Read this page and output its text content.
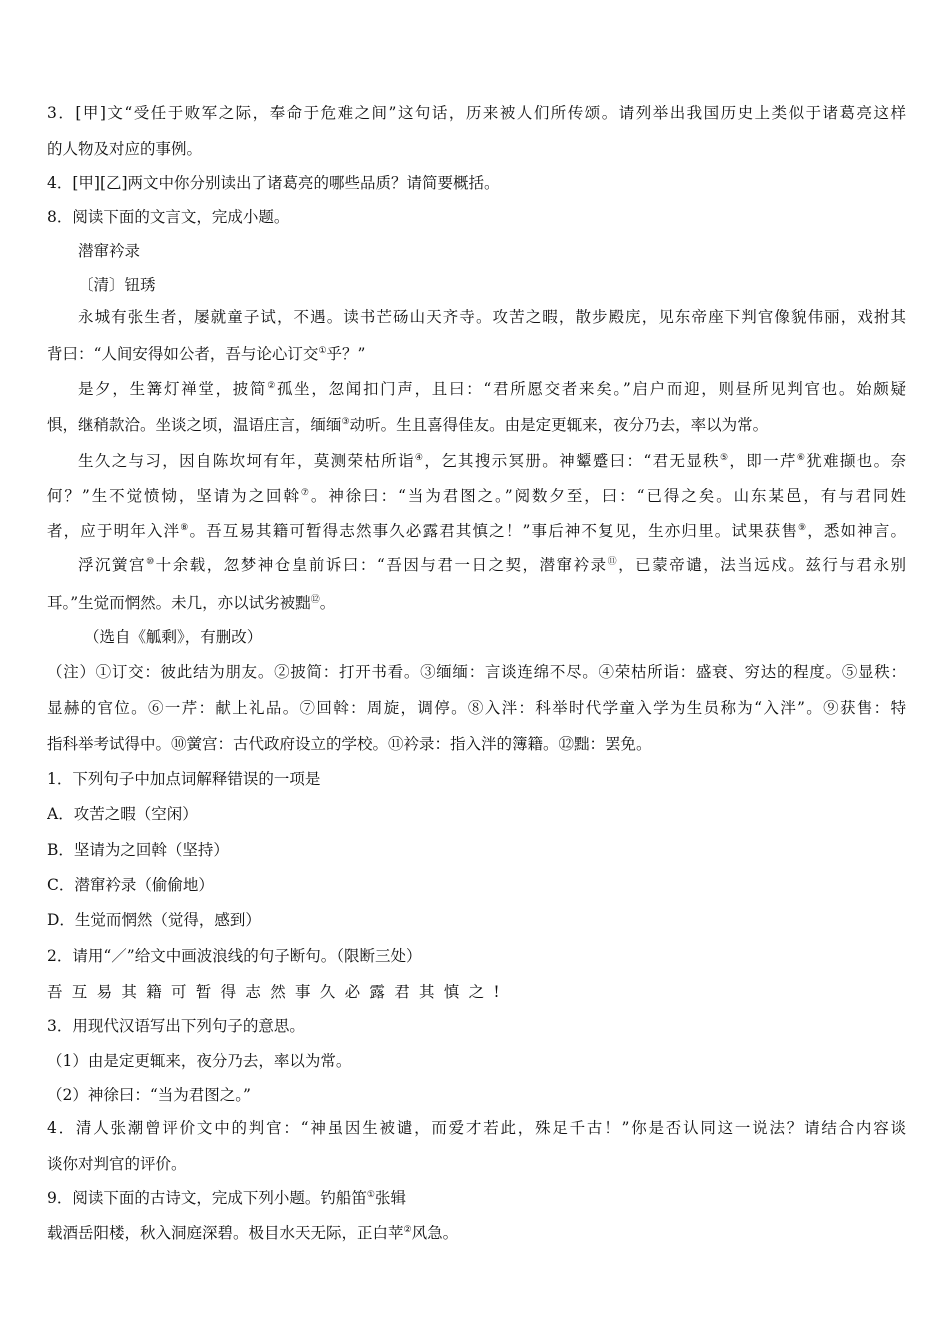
3．[甲]文“受任于败军之际，奉命于危难之间”这句话，历来被人们所传颂。请列举出我国历史上类似于诸葛亮这样
的人物及对应的事例。
4．[甲][乙]两文中你分别读出了诸葛亮的哪些品质？请简要概括。
8．阅读下面的文言文，完成小题。
潜窜衿录
〔清〕钮琇
永城有张生者，屡就童子试，不遇。读书芒砀山天齐寺。攻苦之暇，散步殿庑，见东帝座下判官像貌伟丽，戏拊其
背曰：“人间安得如公者，吾与论心订交①乎？”
是夕，生篝灯禅堂，披简②孤坐，忽闻扣门声，且曰：“君所愿交者来矣。”启户而迎，则昼所见判官也。始颇疑
惧，继稍款洽。坐谈之顷，温语庄言，缅缅③动听。生且喜得佳友。由是定更辄来，夜分乃去，率以为常。
生久之与习，因自陈坎坷有年，莫测荣枯所诣④，乞其搜示冥册。神颦蹙曰：“君无显秩⑤，即一芹⑥犹难撷也。奈
何？”生不觉愤恸，坚请为之回斡⑦。神徐曰：“当为君图之。”阅数夕至，曰：“已得之矣。山东某邑，有与君同姓
者，应于明年入泮⑧。吾互易其籍可暂得志然事久必露君其慎之！”事后神不复见，生亦归里。试果获售⑨，悉如神言。
浮沉黉宫⑩十余载，忽梦神仓皇前诉曰：“吾因与君一日之契，潜窜衿录⑪，已蒙帝谴，法当远戍。兹行与君永别
耳。”生觉而惘然。未几，亦以试劣被黜⑫。
（选自《觚剩》，有删改）
（注）①订交：彼此结为朋友。②披简：打开书看。③缅缅：言谈连绵不尽。④荣枯所诣：盛衰、穷达的程度。⑤显秩：
显赫的官位。⑥一芹：献上礼品。⑦回斡：周旋，调停。⑧入泮：科举时代学童入学为生员称为“入泮”。⑨获售：特
指科举考试得中。⑩黉宫：古代政府设立的学校。⑪衿录：指入泮的簿籍。⑫黜：罢免。
1．下列句子中加点词解释错误的一项是
A．攻苦之暇（空闲）
B．坚请为之回斡（坚持）
C．潜窜衿录（偷偷地）
D．生觉而惘然（觉得，感到）
2．请用“／”给文中画波浪线的句子断句。（限断三处）
吾互易其籍可暂得志然事久必露君其慎之!
3．用现代汉语写出下列句子的意思。
（1）由是定更辄来，夜分乃去，率以为常。
（2）神徐曰：“当为君图之。”
4．清人张潮曾评价文中的判官：“神虽因生被谴，而爱才若此，殊足千古！”你是否认同这一说法？请结合内容谈
谈你对判官的评价。
9．阅读下面的古诗文，完成下列小题。钓船笛①张辑
载酒岳阳楼，秋入洞庭深碧。极目水天无际，正白苹②风急。
